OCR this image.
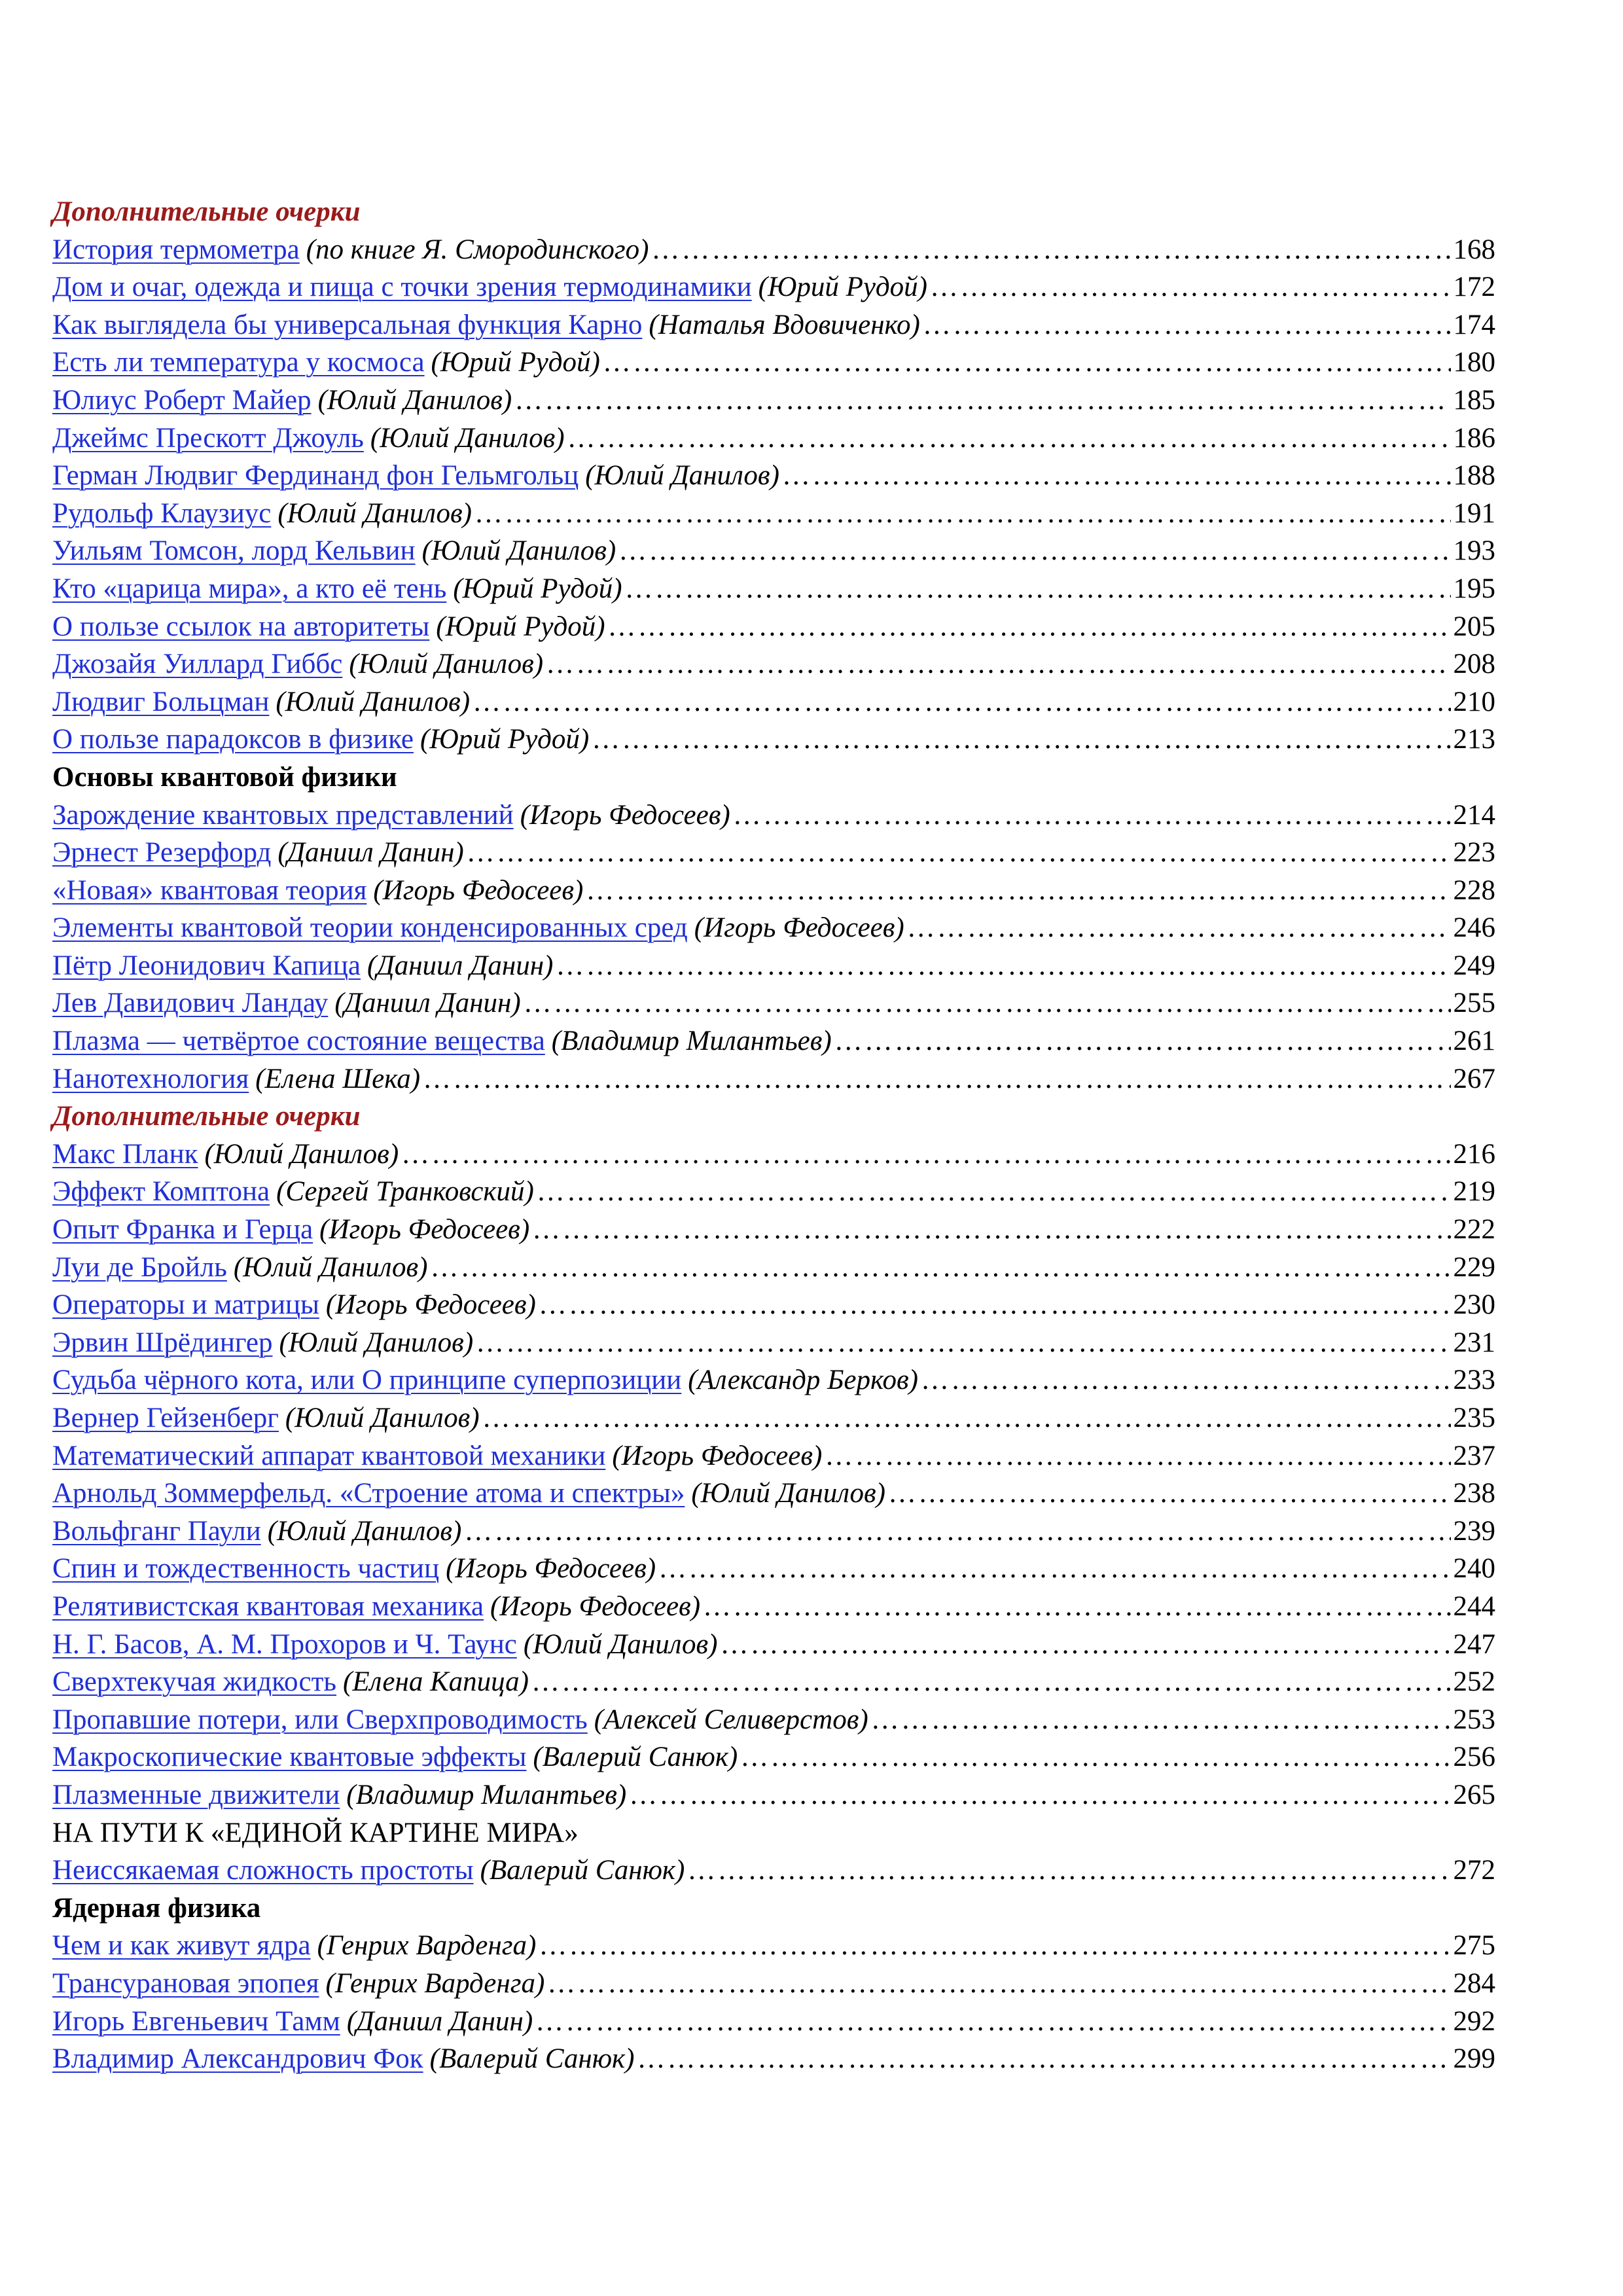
Дополнительные очерки
История термометра (по книге Я. Смородинского) ……………………………………………………………………………………………………………………………………………………………………………………………………………………………………………………………………	168
Дом и очаг, одежда и пища с точки зрения термодинамики (Юрий Рудой) ……………………………………………………………………………………………………………………………………………………………………………………………………………………………………………………………………	172
Как выглядела бы универсальная функция Карно (Наталья Вдовиченко) ……………………………………………………………………………………………………………………………………………………………………………………………………………………………………………………………………	174
Есть ли температура у космоса (Юрий Рудой) ……………………………………………………………………………………………………………………………………………………………………………………………………………………………………………………………………	180
Юлиус Роберт Майер (Юлий Данилов) ……………………………………………………………………………………………………………………………………………………………………………………………………………………………………………………………………	185
Джеймс Прескотт Джоуль (Юлий Данилов) ……………………………………………………………………………………………………………………………………………………………………………………………………………………………………………………………………	186
Герман Людвиг Фердинанд фон Гельмгольц (Юлий Данилов) ……………………………………………………………………………………………………………………………………………………………………………………………………………………………………………………………………	188
Рудольф Клаузиус (Юлий Данилов) ……………………………………………………………………………………………………………………………………………………………………………………………………………………………………………………………………	191
Уильям Томсон, лорд Кельвин (Юлий Данилов) ……………………………………………………………………………………………………………………………………………………………………………………………………………………………………………………………………	193
Кто «царица мира», а кто её тень (Юрий Рудой) ……………………………………………………………………………………………………………………………………………………………………………………………………………………………………………………………………	195
О пользе ссылок на авторитеты (Юрий Рудой) ……………………………………………………………………………………………………………………………………………………………………………………………………………………………………………………………………	205
Джозайя Уиллард Гиббс (Юлий Данилов) ……………………………………………………………………………………………………………………………………………………………………………………………………………………………………………………………………	208
Людвиг Больцман (Юлий Данилов) ……………………………………………………………………………………………………………………………………………………………………………………………………………………………………………………………………	210
О пользе парадоксов в физике (Юрий Рудой) ……………………………………………………………………………………………………………………………………………………………………………………………………………………………………………………………………	213
Основы квантовой физики
Зарождение квантовых представлений (Игорь Федосеев) ……………………………………………………………………………………………………………………………………………………………………………………………………………………………………………………………………	214
Эрнест Резерфорд (Даниил Данин) ……………………………………………………………………………………………………………………………………………………………………………………………………………………………………………………………………	223
«Новая» квантовая теория (Игорь Федосеев) ……………………………………………………………………………………………………………………………………………………………………………………………………………………………………………………………………	228
Элементы квантовой теории конденсированных сред (Игорь Федосеев) ……………………………………………………………………………………………………………………………………………………………………………………………………………………………………………………………………	246
Пётр Леонидович Капица (Даниил Данин) ……………………………………………………………………………………………………………………………………………………………………………………………………………………………………………………………………	249
Лев Давидович Ландау (Даниил Данин) ……………………………………………………………………………………………………………………………………………………………………………………………………………………………………………………………………	255
Плазма — четвёртое состояние вещества (Владимир Милантьев) ……………………………………………………………………………………………………………………………………………………………………………………………………………………………………………………………………	261
Нанотехнология (Елена Шека) ……………………………………………………………………………………………………………………………………………………………………………………………………………………………………………………………………	267
Дополнительные очерки
Макс Планк (Юлий Данилов) ……………………………………………………………………………………………………………………………………………………………………………………………………………………………………………………………………	216
Эффект Комптона (Сергей Транковский) ……………………………………………………………………………………………………………………………………………………………………………………………………………………………………………………………………	219
Опыт Франка и Герца (Игорь Федосеев) ……………………………………………………………………………………………………………………………………………………………………………………………………………………………………………………………………	222
Луи де Бройль (Юлий Данилов) ……………………………………………………………………………………………………………………………………………………………………………………………………………………………………………………………………	229
Операторы и матрицы (Игорь Федосеев) ……………………………………………………………………………………………………………………………………………………………………………………………………………………………………………………………………	230
Эрвин Шрёдингер (Юлий Данилов) ……………………………………………………………………………………………………………………………………………………………………………………………………………………………………………………………………	231
Судьба чёрного кота, или О принципе суперпозиции (Александр Берков) ……………………………………………………………………………………………………………………………………………………………………………………………………………………………………………………………………	233
Вернер Гейзенберг (Юлий Данилов) ……………………………………………………………………………………………………………………………………………………………………………………………………………………………………………………………………	235
Математический аппарат квантовой механики (Игорь Федосеев) ……………………………………………………………………………………………………………………………………………………………………………………………………………………………………………………………………	237
Арнольд Зоммерфельд. «Строение атома и спектры» (Юлий Данилов) ……………………………………………………………………………………………………………………………………………………………………………………………………………………………………………………………………	238
Вольфганг Паули (Юлий Данилов) ……………………………………………………………………………………………………………………………………………………………………………………………………………………………………………………………………	239
Спин и тождественность частиц (Игорь Федосеев) ……………………………………………………………………………………………………………………………………………………………………………………………………………………………………………………………………	240
Релятивистская квантовая механика (Игорь Федосеев) ……………………………………………………………………………………………………………………………………………………………………………………………………………………………………………………………………	244
Н. Г. Басов, А. М. Прохоров и Ч. Таунс (Юлий Данилов) ……………………………………………………………………………………………………………………………………………………………………………………………………………………………………………………………………	247
Сверхтекучая жидкость (Елена Капица) ……………………………………………………………………………………………………………………………………………………………………………………………………………………………………………………………………	252
Пропавшие потери, или Сверхпроводимость (Алексей Селиверстов) ……………………………………………………………………………………………………………………………………………………………………………………………………………………………………………………………………	253
Макроскопические квантовые эффекты (Валерий Санюк) ……………………………………………………………………………………………………………………………………………………………………………………………………………………………………………………………………	256
Плазменные движители (Владимир Милантьев) ……………………………………………………………………………………………………………………………………………………………………………………………………………………………………………………………………	265
НА ПУТИ К «ЕДИНОЙ КАРТИНЕ МИРА»
Неиссякаемая сложность простоты (Валерий Санюк) ……………………………………………………………………………………………………………………………………………………………………………………………………………………………………………………………………	272
Ядерная физика
Чем и как живут ядра (Генрих Варденга) ……………………………………………………………………………………………………………………………………………………………………………………………………………………………………………………………………	275
Трансурановая эпопея (Генрих Варденга) ……………………………………………………………………………………………………………………………………………………………………………………………………………………………………………………………………	284
Игорь Евгеньевич Тамм (Даниил Данин) ……………………………………………………………………………………………………………………………………………………………………………………………………………………………………………………………………	292
Владимир Александрович Фок (Валерий Санюк) ……………………………………………………………………………………………………………………………………………………………………………………………………………………………………………………………………	299
